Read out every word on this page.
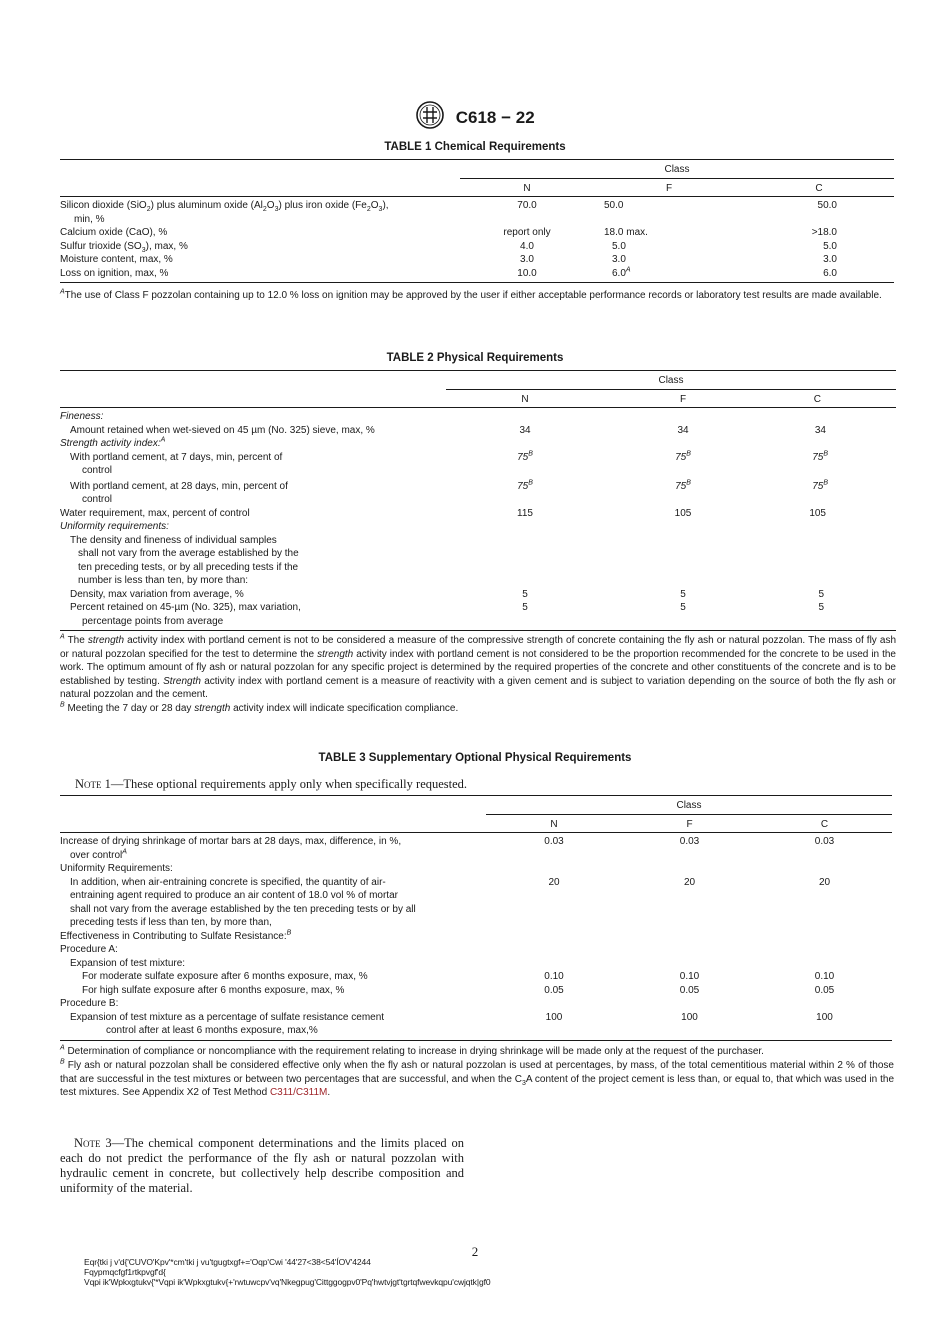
C618 − 22
TABLE 1 Chemical Requirements
	Class		
	N	F	C
Silicon dioxide (SiO$_2$) plus aluminum oxide $(Al_2O_3)$ plus iron oxide $(Fe_2O_3)$,
min, %	70.0	50.0	50.0
Calcium oxide (CaO), %	report only	18.0 max.	>18.0
Sulfur trioxide $(SO_3)$, max, %	4.0	5.0	5.0
Moisture content, max, %	3.0	3.0	3.0
Loss on ignition, max, %	10.0	$6.0^A$	6.0
$^A$The use of Class F pozzolan containing up to 12.0 % loss on ignition may be approved by the user if either acceptable performance records or laboratory test results are made available.
TABLE 2 Physical Requirements
	Class		
	N	F	C
Fineness:			
Amount retained when wet-sieved on 45 µm (No. 325) sieve, max, %	34	34	34
Strength activity index:$^A$			
With portland cement, at 7 days, min, percent of
control	$75^B$	$75^B$	$75^B$
With portland cement, at 28 days, min, percent of
control	$75^B$	$75^B$	$75^B$
Water requirement, max, percent of control	115	105	105
Uniformity requirements:			
The density and fineness of individual samples
shall not vary from the average established by the
ten preceding tests, or by all preceding tests if the
number is less than ten, by more than:			
Density, max variation from average, %	5	5	5
Percent retained on 45-µm (No. 325), max variation,
percentage points from average	5	5	5
$^A$ The strength activity index with portland cement is not to be considered a measure of the compressive strength of concrete containing the fly ash or natural pozzolan. The mass of fly ash or natural pozzolan specified for the test to determine the strength activity index with portland cement is not considered to be the proportion recommended for the concrete to be used in the work. The optimum amount of fly ash or natural pozzolan for any specific project is determined by the required properties of the concrete and other constituents of the concrete and is to be established by testing. Strength activity index with portland cement is a measure of reactivity with a given cement and is subject to variation depending on the source of both the fly ash or natural pozzolan and the cement.
$^B$ Meeting the 7 day or 28 day strength activity index will indicate specification compliance.
TABLE 3 Supplementary Optional Physical Requirements
Note 1—These optional requirements apply only when specifically requested.
	Class		
	N	F	C
Increase of drying shrinkage of mortar bars at 28 days, max, difference, in %,
over control$^A$	0.03	0.03	0.03
Uniformity Requirements:			
In addition, when air-entraining concrete is specified, the quantity of air-
entraining agent required to produce an air content of 18.0 vol % of mortar
shall not vary from the average established by the ten preceding tests or by all
preceding tests if less than ten, by more than,	20	20	20
Effectiveness in Contributing to Sulfate Resistance:$^B$			
Procedure A:			
Expansion of test mixture:			
For moderate sulfate exposure after 6 months exposure, max, %	0.10	0.10	0.10
For high sulfate exposure after 6 months exposure, max, %	0.05	0.05	0.05
Procedure B:			
Expansion of test mixture as a percentage of sulfate resistance cement
control after at least 6 months exposure, max,%	100	100	100
$^A$ Determination of compliance or noncompliance with the requirement relating to increase in drying shrinkage will be made only at the request of the purchaser.
$^B$ Fly ash or natural pozzolan shall be considered effective only when the fly ash or natural pozzolan is used at percentages, by mass, of the total cementitious material within 2 % of those that are successful in the test mixtures or between two percentages that are successful, and when the $C_3A$ content of the project cement is less than, or equal to, that which was used in the test mixtures. See Appendix X2 of Test Method C311/C311M.
Note 3—The chemical component determinations and the limits placed on each do not predict the performance of the fly ash or natural pozzolan with hydraulic cement in concrete, but collectively help describe composition and uniformity of the material.
2
Eqr{tki j v'd{'CUVO'Kpv'*cm'tki j vu'tgugtxgf+='Oqp'Cwi '44'27<38<54'ÍOV'4244
Fqypmqcfgf1rtkpvgf'd{
Vqpi ik'Wpkxgtukv{'*Vqpi ik'Wpkxgtukv{+'rwtuwcpv'vq'Nkegpug'Cittggogpv0'Pq'hwtvjgt'tgrtqfwevkqpu'cwjqtk|gf0
